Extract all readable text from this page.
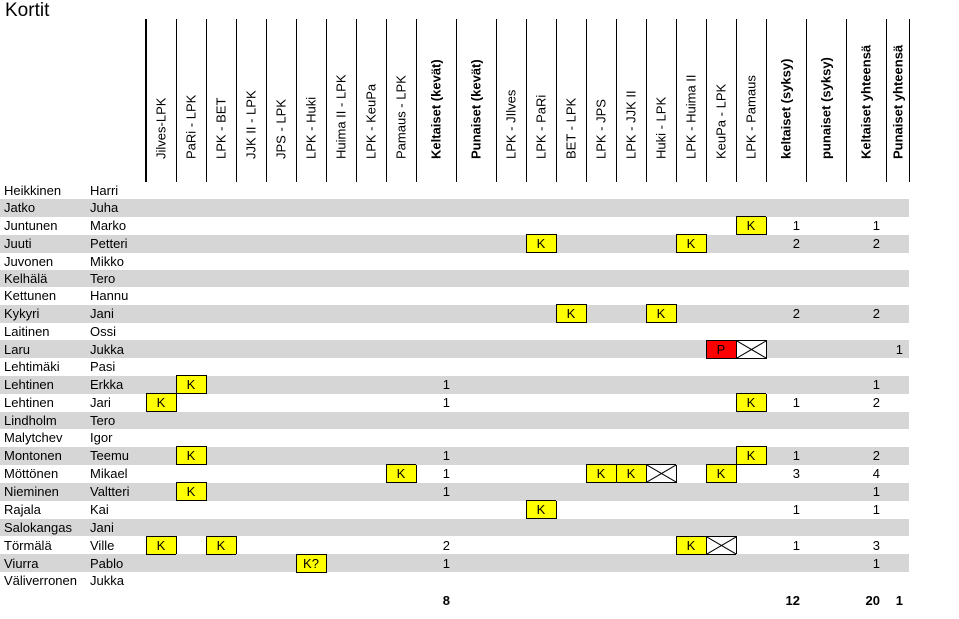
Kortit

		Jilves-LPK	PaRi - LPK	LPK - BET	JJK II - LPK	JPS - LPK	LPK - Huki	Huima II - LPK	LPK - KeuPa	Pamaus - LPK	Keltaiset (kevät)	Punaiset (kevät)	LPK - JIlves	LPK - PaRi	BET - LPK	LPK - JPS	LPK - JJK II	Huki - LPK	LPK - Huima II	KeuPa - LPK	LPK - Pamaus	keltaiset (syksy)	punaiset (syksy)	Keltaiset yhteensä	Punaiset yhteensä

Heikkinen	Harri																								
Jatko	Juha																								
Juntunen	Marko																				K	1		1	
Juuti	Petteri													K					K			2		2	
Juvonen	Mikko																								
Kelhälä	Tero																								
Kettunen	Hannu																								
Kykyri	Jani														K			K				2		2	
Laitinen	Ossi																								
Laru	Jukka																			P					1
Lehtimäki	Pasi																								
Lehtinen	Erkka		K								1													1	
Lehtinen	Jari	K									1										K	1		2	
Lindholm	Tero																								
Malytchev	Igor																								
Montonen	Teemu		K								1										K	1		2	
Möttönen	Mikael									K	1					K	K			K		3		4	
Nieminen	Valtteri		K								1													1	
Rajala	Kai													K								1		1	
Salokangas	Jani																								
Törmälä	Ville	K		K							2								K			1		3	
Viurra	Pablo						K?				1													1	
Väliverronen	Jukka																								
											8											12		20	1
